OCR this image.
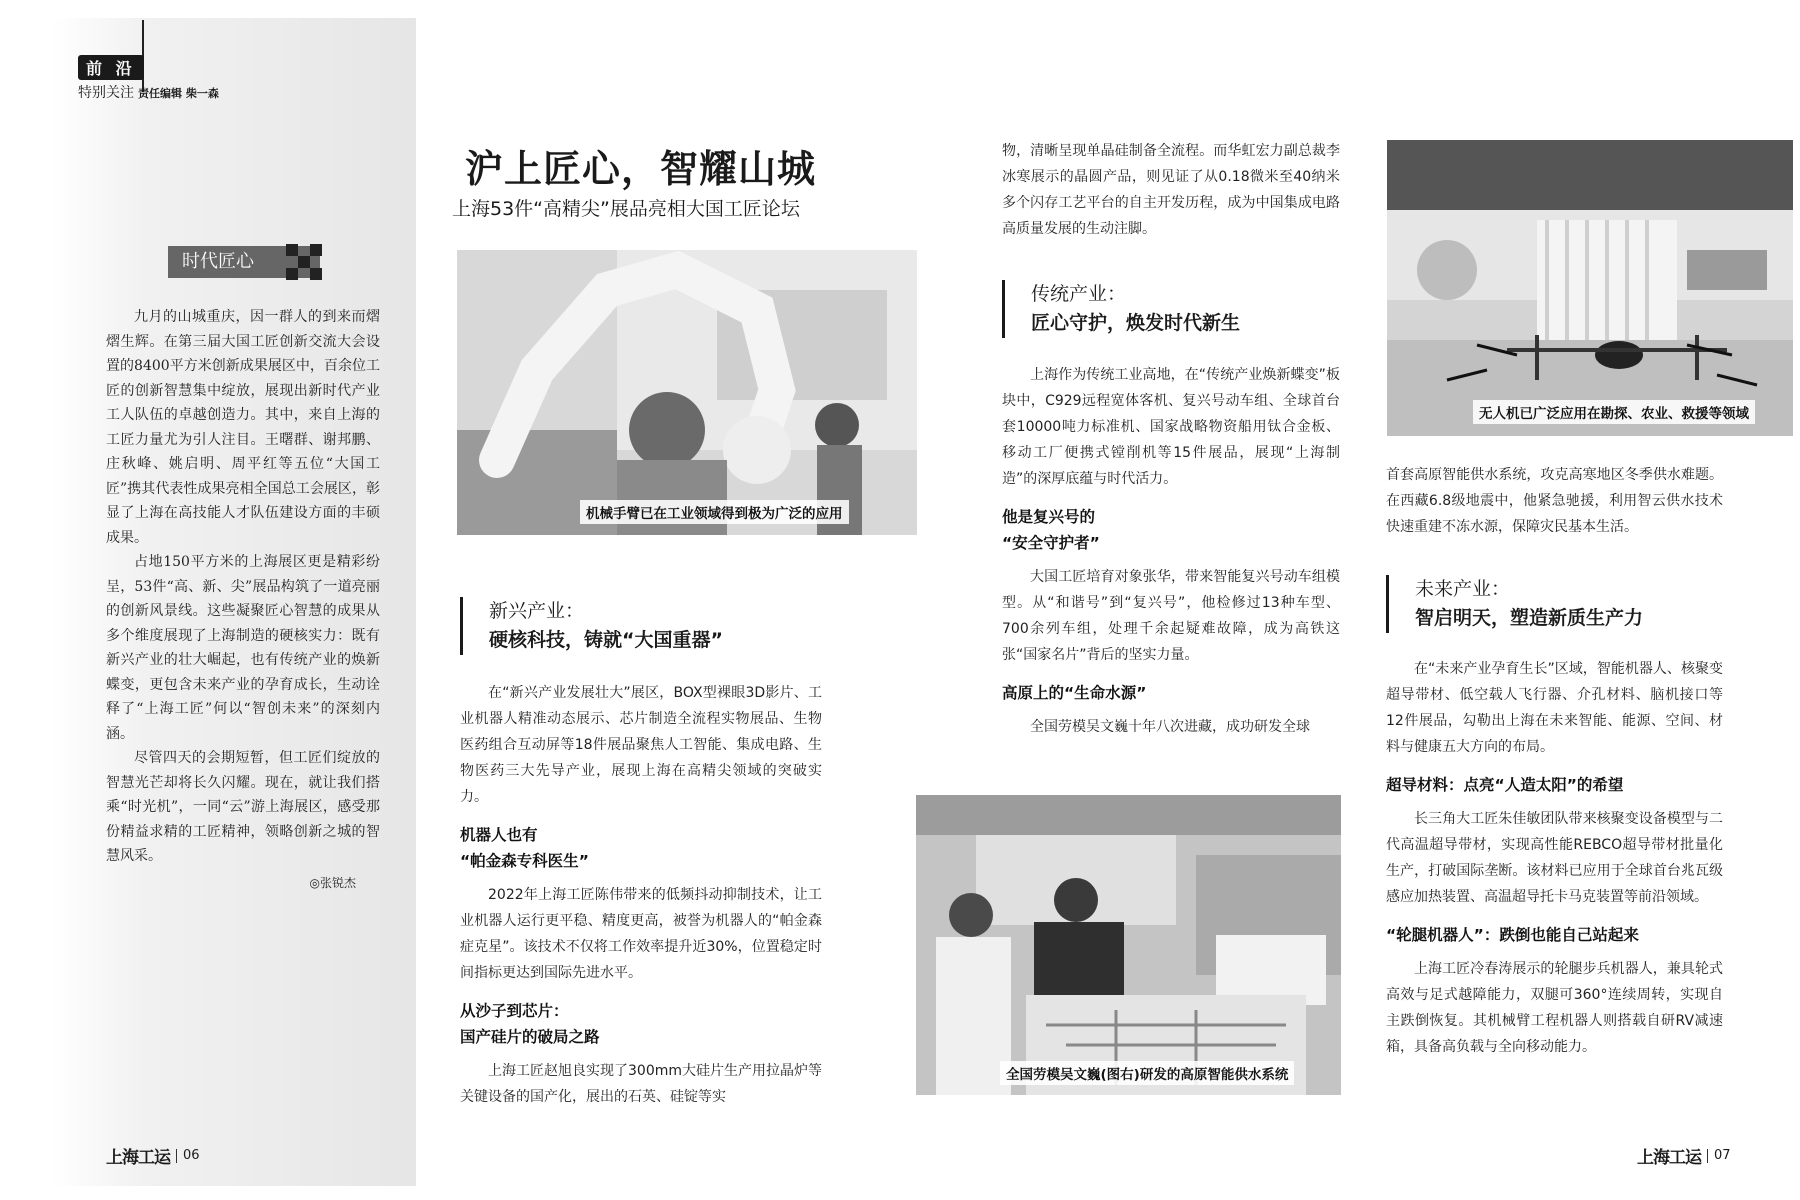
前 沿
特别关注 责任编辑 柴一森
时代匠心

九月的山城重庆，因一群人的到来而熠熠生辉。在第三届大国工匠创新交流大会设置的8400平方米创新成果展区中，百余位工匠的创新智慧集中绽放，展现出新时代产业工人队伍的卓越创造力。其中，来自上海的工匠力量尤为引人注目。王曙群、谢邦鹏、庄秋峰、姚启明、周平红等五位“大国工匠”携其代表性成果亮相全国总工会展区，彰显了上海在高技能人才队伍建设方面的丰硕成果。

占地150平方米的上海展区更是精彩纷呈，53件“高、新、尖”展品构筑了一道亮丽的创新风景线。这些凝聚匠心智慧的成果从多个维度展现了上海制造的硬核实力：既有新兴产业的壮大崛起，也有传统产业的焕新蝶变，更包含未来产业的孕育成长，生动诠释了“上海工匠”何以“智创未来”的深刻内涵。

尽管四天的会期短暂，但工匠们绽放的智慧光芒却将长久闪耀。现在，就让我们搭乘“时光机”，一同“云”游上海展区，感受那份精益求精的工匠精神，领略创新之城的智慧风采。

◎张锐杰

沪上匠心，智耀山城
上海53件“高精尖”展品亮相大国工匠论坛
机械手臂已在工业领域得到极为广泛的应用
新兴产业：
硬核科技，铸就“大国重器”

在“新兴产业发展壮大”展区，BOX型裸眼3D影片、工业机器人精准动态展示、芯片制造全流程实物展品、生物医药组合互动屏等18件展品聚焦人工智能、集成电路、生物医药三大先导产业，展现上海在高精尖领域的突破实力。

机器人也有
“帕金森专科医生”

2022年上海工匠陈伟带来的低频抖动抑制技术，让工业机器人运行更平稳、精度更高，被誉为机器人的“帕金森症克星”。该技术不仅将工作效率提升近30%，位置稳定时间指标更达到国际先进水平。

从沙子到芯片：
国产硅片的破局之路

上海工匠赵旭良实现了300mm大硅片生产用拉晶炉等关键设备的国产化，展出的石英、硅锭等实

物，清晰呈现单晶硅制备全流程。而华虹宏力副总裁李冰寒展示的晶圆产品，则见证了从0.18微米至40纳米多个闪存工艺平台的自主开发历程，成为中国集成电路高质量发展的生动注脚。

传统产业：
匠心守护，焕发时代新生

上海作为传统工业高地，在“传统产业焕新蝶变”板块中，C929远程宽体客机、复兴号动车组、全球首台套10000吨力标准机、国家战略物资船用钛合金板、移动工厂便携式镗削机等15件展品，展现“上海制造”的深厚底蕴与时代活力。

他是复兴号的
“安全守护者”

大国工匠培育对象张华，带来智能复兴号动车组模型。从“和谐号”到“复兴号”，他检修过13种车型、700余列车组，处理千余起疑难故障，成为高铁这张“国家名片”背后的坚实力量。

高原上的“生命水源”

全国劳模吴文巍十年八次进藏，成功研发全球

全国劳模吴文巍(图右)研发的高原智能供水系统
无人机已广泛应用在勘探、农业、救援等领域

首套高原智能供水系统，攻克高寒地区冬季供水难题。在西藏6.8级地震中，他紧急驰援，利用智云供水技术快速重建不冻水源，保障灾民基本生活。

未来产业：
智启明天，塑造新质生产力

在“未来产业孕育生长”区域，智能机器人、核聚变超导带材、低空载人飞行器、介孔材料、脑机接口等12件展品，勾勒出上海在未来智能、能源、空间、材料与健康五大方向的布局。

超导材料：点亮“人造太阳”的希望

长三角大工匠朱佳敏团队带来核聚变设备模型与二代高温超导带材，实现高性能REBCO超导带材批量化生产，打破国际垄断。该材料已应用于全球首台兆瓦级感应加热装置、高温超导托卡马克装置等前沿领域。

“轮腿机器人”：跌倒也能自己站起来

上海工匠冷春涛展示的轮腿步兵机器人，兼具轮式高效与足式越障能力，双腿可360°连续周转，实现自主跌倒恢复。其机械臂工程机器人则搭载自研RV减速箱，具备高负载与全向移动能力。

上海工运 06	上海工运 07
